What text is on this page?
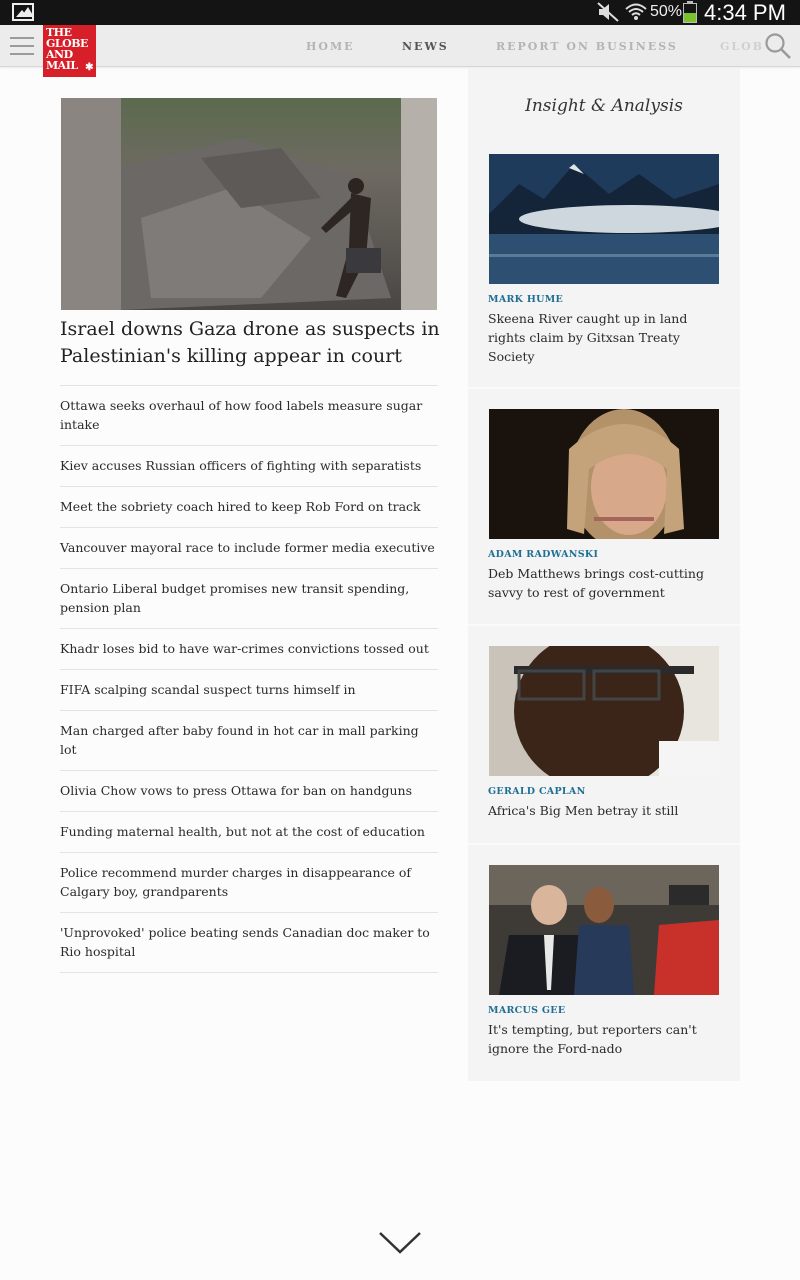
50% 4:34 PM
THE
GLOBE
AND
MAIL ✱
HOME	NEWS	REPORT ON BUSINESS	GLOB
Israel downs Gaza drone as suspects in Palestinian's killing appear in court
Ottawa seeks overhaul of how food labels measure sugar intake
Kiev accuses Russian officers of fighting with separatists
Meet the sobriety coach hired to keep Rob Ford on track
Vancouver mayoral race to include former media executive
Ontario Liberal budget promises new transit spending, pension plan
Khadr loses bid to have war-crimes convictions tossed out
FIFA scalping scandal suspect turns himself in
Man charged after baby found in hot car in mall parking lot
Olivia Chow vows to press Ottawa for ban on handguns
Funding maternal health, but not at the cost of education
Police recommend murder charges in disappearance of Calgary boy, grandparents
'Unprovoked' police beating sends Canadian doc maker to Rio hospital
Insight & Analysis
MARK HUME
Skeena River caught up in land rights claim by Gitxsan Treaty Society
ADAM RADWANSKI
Deb Matthews brings cost-cutting savvy to rest of government
GERALD CAPLAN
Africa's Big Men betray it still
MARCUS GEE
It's tempting, but reporters can't ignore the Ford-nado
